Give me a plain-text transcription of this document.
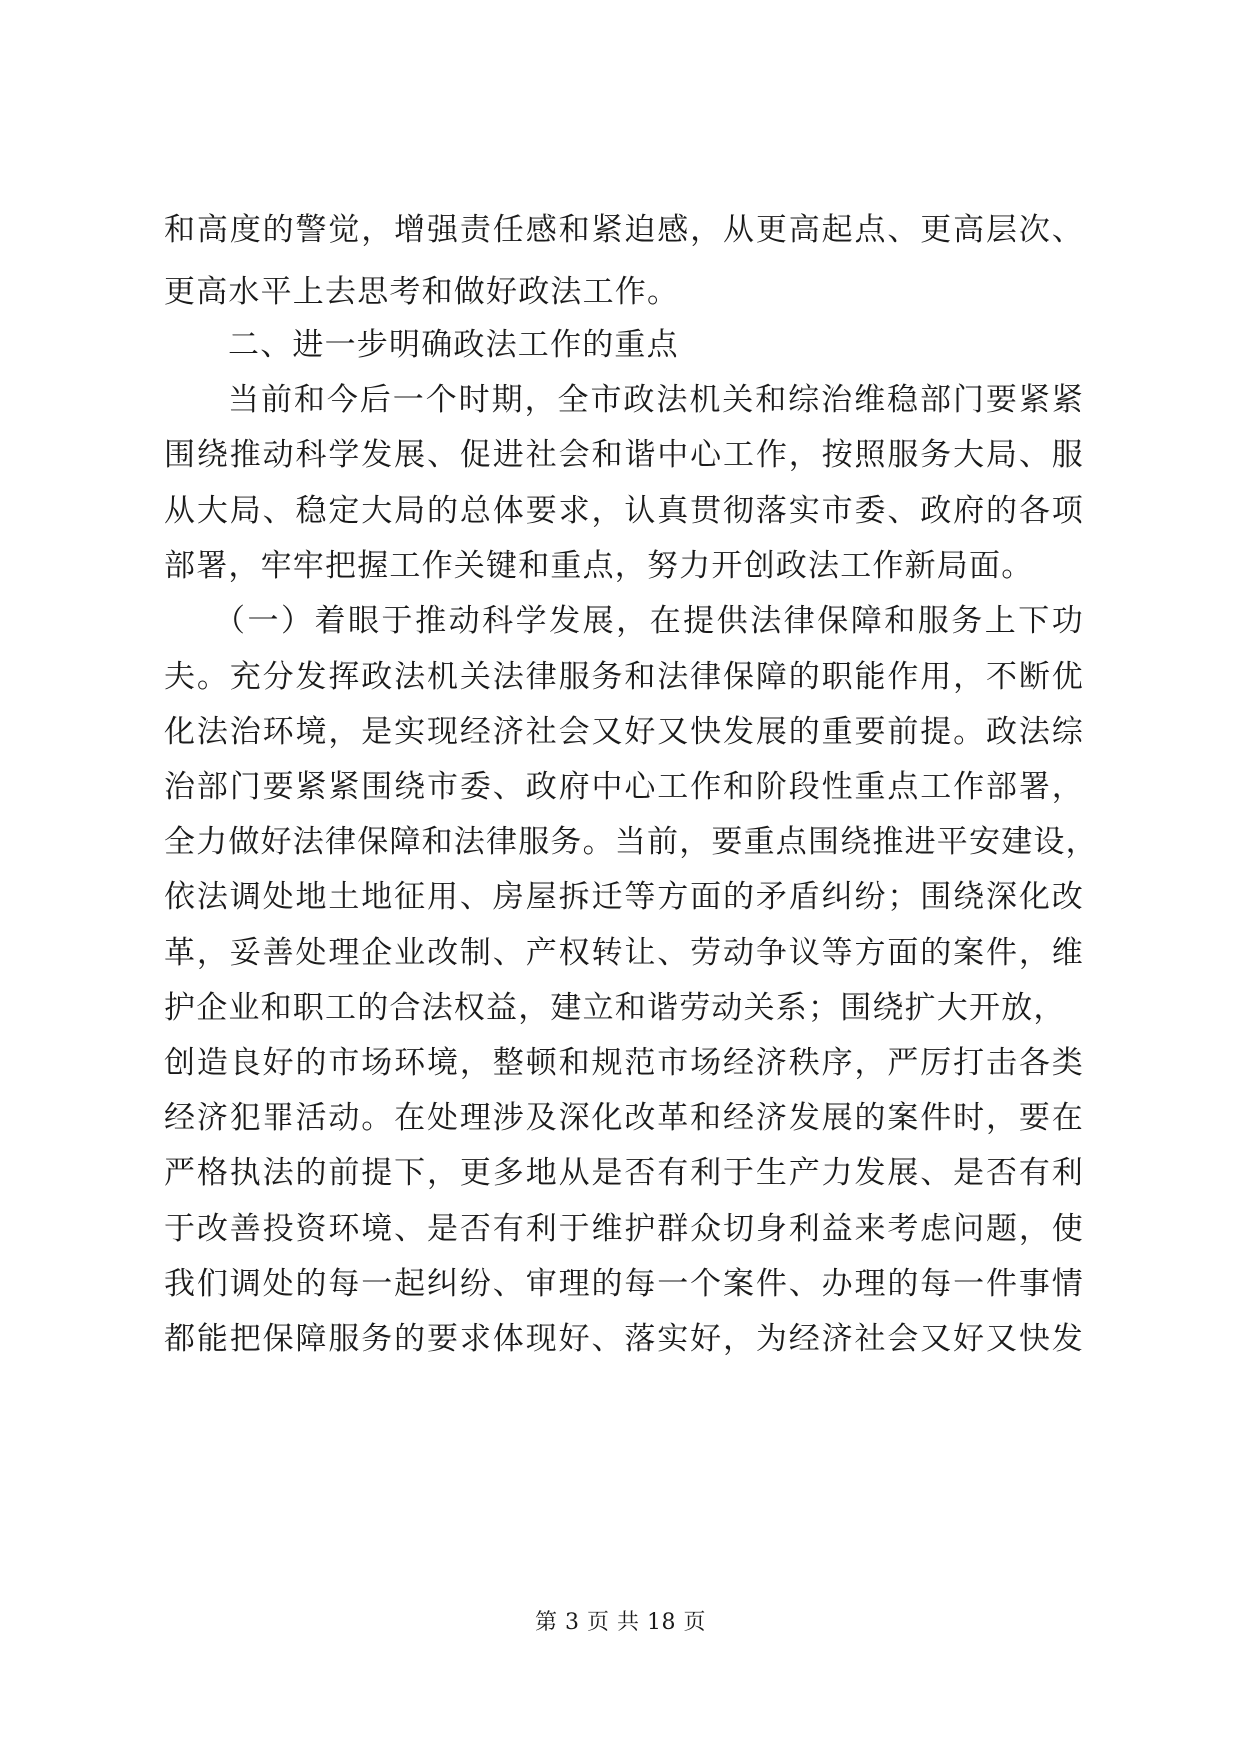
和高度的警觉，增强责任感和紧迫感，从更高起点、更高层次、
更高水平上去思考和做好政法工作。
二、进一步明确政法工作的重点
当前和今后一个时期，全市政法机关和综治维稳部门要紧紧
围绕推动科学发展、促进社会和谐中心工作，按照服务大局、服
从大局、稳定大局的总体要求，认真贯彻落实市委、政府的各项
部署，牢牢把握工作关键和重点，努力开创政法工作新局面。
（一）着眼于推动科学发展，在提供法律保障和服务上下功
夫。充分发挥政法机关法律服务和法律保障的职能作用，不断优
化法治环境，是实现经济社会又好又快发展的重要前提。政法综
治部门要紧紧围绕市委、政府中心工作和阶段性重点工作部署，
全力做好法律保障和法律服务。当前，要重点围绕推进平安建设，
依法调处地土地征用、房屋拆迁等方面的矛盾纠纷；围绕深化改
革，妥善处理企业改制、产权转让、劳动争议等方面的案件，维
护企业和职工的合法权益，建立和谐劳动关系；围绕扩大开放，
创造良好的市场环境，整顿和规范市场经济秩序，严厉打击各类
经济犯罪活动。在处理涉及深化改革和经济发展的案件时，要在
严格执法的前提下，更多地从是否有利于生产力发展、是否有利
于改善投资环境、是否有利于维护群众切身利益来考虑问题，使
我们调处的每一起纠纷、审理的每一个案件、办理的每一件事情
都能把保障服务的要求体现好、落实好，为经济社会又好又快发
第 3 页 共 18 页
